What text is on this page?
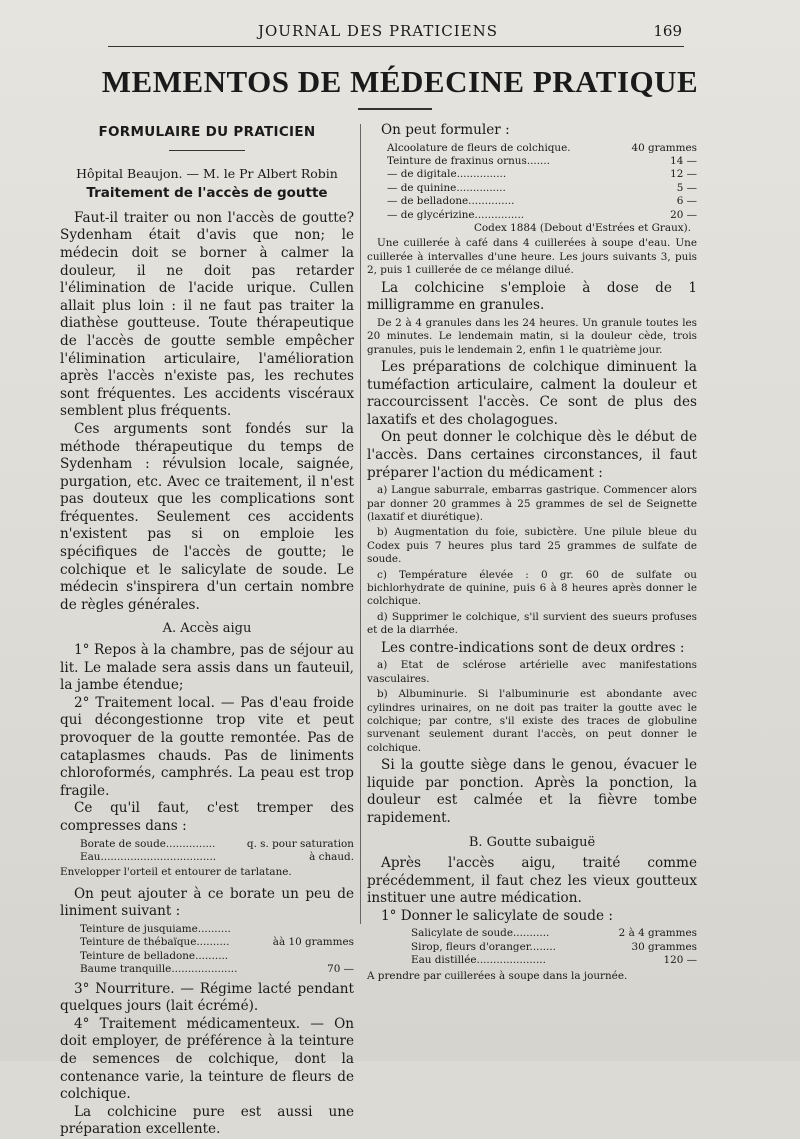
JOURNAL DES PRATICIENS	169
MEMENTOS DE MÉDECINE PRATIQUE
FORMULAIRE DU PRATICIEN
Hôpital Beaujon. — M. le Pr Albert Robin
Traitement de l'accès de goutte

Faut-il traiter ou non l'accès de goutte? Sydenham était d'avis que non; le médecin doit se borner à calmer la douleur, il ne doit pas retarder l'élimination de l'acide urique. Cullen allait plus loin : il ne faut pas traiter la diathèse goutteuse. Toute thérapeutique de l'accès de goutte semble empêcher l'élimination articulaire, l'amélioration après l'accès n'existe pas, les rechutes sont fréquentes. Les accidents viscéraux semblent plus fréquents.

Ces arguments sont fondés sur la méthode thérapeutique du temps de Sydenham : révulsion locale, saignée, purgation, etc. Avec ce traitement, il n'est pas douteux que les complications sont fréquentes. Seulement ces accidents n'existent pas si on emploie les spécifiques de l'accès de goutte; le colchique et le salicylate de soude. Le médecin s'inspirera d'un certain nombre de règles générales.

A. Accès aigu

1° Repos à la chambre, pas de séjour au lit. Le malade sera assis dans un fauteuil, la jambe étendue;

2° Traitement local. — Pas d'eau froide qui décongestionne trop vite et peut provoquer de la goutte remontée. Pas de cataplasmes chauds. Pas de liniments chloroformés, camphrés. La peau est trop fragile.

Ce qu'il faut, c'est tremper des compresses dans :

Borate de soude...............	q. s. pour saturation
Eau...................................	à chaud.
Envelopper l'orteil et entourer de tarlatane.

On peut ajouter à ce borate un peu de liniment suivant :

Teinture de jusquiame..........
Teinture de thébaïque..........	àà 10 grammes
Teinture de belladone..........
Baume tranquille....................	70 —

3° Nourriture. — Régime lacté pendant quelques jours (lait écrémé).

4° Traitement médicamenteux. — On doit employer, de préférence à la teinture de semences de colchique, dont la contenance varie, la teinture de fleurs de colchique.

La colchicine pure est aussi une préparation excellente.

On peut formuler :

Alcoolature de fleurs de colchique.	40 grammes
Teinture de fraxinus ornus.......	14 —
— de digitale...............	12 —
— de quinine...............	5 —
— de belladone..............	6 —
— de glycérizine...............	20 —
Codex 1884 (Debout d'Estrées et Graux).

Une cuillerée à café dans 4 cuillerées à soupe d'eau. Une cuillerée à intervalles d'une heure. Les jours suivants 3, puis 2, puis 1 cuillerée de ce mélange dilué.

La colchicine s'emploie à dose de 1 milligramme en granules.

De 2 à 4 granules dans les 24 heures. Un granule toutes les 20 minutes. Le lendemain matin, si la douleur cède, trois granules, puis le lendemain 2, enfin 1 le quatrième jour.

Les préparations de colchique diminuent la tuméfaction articulaire, calment la douleur et raccourcissent l'accès. Ce sont de plus des laxatifs et des cholagogues.

On peut donner le colchique dès le début de l'accès. Dans certaines circonstances, il faut préparer l'action du médicament :

a) Langue saburrale, embarras gastrique. Commencer alors par donner 20 grammes à 25 grammes de sel de Seignette (laxatif et diurétique).

b) Augmentation du foie, subictère. Une pilule bleue du Codex puis 7 heures plus tard 25 grammes de sulfate de soude.

c) Température élevée : 0 gr. 60 de sulfate ou bichlorhydrate de quinine, puis 6 à 8 heures après donner le colchique.

d) Supprimer le colchique, s'il survient des sueurs profuses et de la diarrhée.

Les contre-indications sont de deux ordres :

a) Etat de sclérose artérielle avec manifestations vasculaires.

b) Albuminurie. Si l'albuminurie est abondante avec cylindres urinaires, on ne doit pas traiter la goutte avec le colchique; par contre, s'il existe des traces de globuline survenant seulement durant l'accès, on peut donner le colchique.

Si la goutte siège dans le genou, évacuer le liquide par ponction. Après la ponction, la douleur est calmée et la fièvre tombe rapidement.

B. Goutte subaiguë

Après l'accès aigu, traité comme précédemment, il faut chez les vieux goutteux instituer une autre médication.

1° Donner le salicylate de soude :

Salicylate de soude...........	2 à 4 grammes
Sirop, fleurs d'oranger........	30 grammes
Eau distillée.....................	120 —
A prendre par cuillerées à soupe dans la journée.
